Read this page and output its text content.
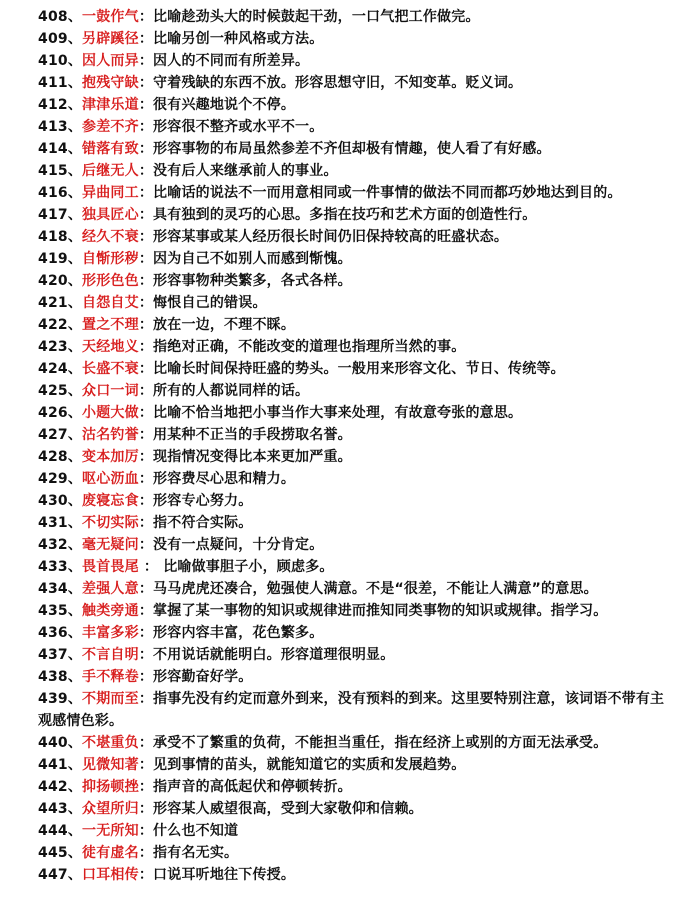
408、一鼓作气：比喻趁劲头大的时候鼓起干劲，一口气把工作做完。
409、另辟蹊径：比喻另创一种风格或方法。
410、因人而异：因人的不同而有所差异。
411、抱残守缺：守着残缺的东西不放。形容思想守旧，不知变革。贬义词。
412、津津乐道：很有兴趣地说个不停。
413、参差不齐：形容很不整齐或水平不一。
414、错落有致：形容事物的布局虽然参差不齐但却极有情趣，使人看了有好感。
415、后继无人：没有后人来继承前人的事业。
416、异曲同工：比喻话的说法不一而用意相同或一件事情的做法不同而都巧妙地达到目的。
417、独具匠心：具有独到的灵巧的心思。多指在技巧和艺术方面的创造性行。
418、经久不衰：形容某事或某人经历很长时间仍旧保持较高的旺盛状态。
419、自惭形秽：因为自己不如别人而感到惭愧。
420、形形色色：形容事物种类繁多，各式各样。
421、自怨自艾：悔恨自己的错误。
422、置之不理：放在一边，不理不睬。
423、天经地义：指绝对正确，不能改变的道理也指理所当然的事。
424、长盛不衰：比喻长时间保持旺盛的势头。一般用来形容文化、节日、传统等。
425、众口一词：所有的人都说同样的话。
426、小题大做：比喻不恰当地把小事当作大事来处理，有故意夸张的意思。
427、沽名钓誉：用某种不正当的手段捞取名誉。
428、变本加厉：现指情况变得比本来更加严重。
429、呕心沥血：形容费尽心思和精力。
430、废寝忘食：形容专心努力。
431、不切实际：指不符合实际。
432、毫无疑问：没有一点疑问，十分肯定。
433、畏首畏尾 ： 比喻做事胆子小，顾虑多。
434、差强人意：马马虎虎还凑合，勉强使人满意。不是“很差，不能让人满意”的意思。
435、触类旁通：掌握了某一事物的知识或规律进而推知同类事物的知识或规律。指学习。
436、丰富多彩：形容内容丰富，花色繁多。
437、不言自明：不用说话就能明白。形容道理很明显。
438、手不释卷：形容勤奋好学。
439、不期而至：指事先没有约定而意外到来，没有预料的到来。这里要特别注意，该词语不带有主观感情色彩。
440、不堪重负：承受不了繁重的负荷，不能担当重任，指在经济上或别的方面无法承受。
441、见微知著：见到事情的苗头，就能知道它的实质和发展趋势。
442、抑扬顿挫：指声音的高低起伏和停顿转折。
443、众望所归：形容某人威望很高，受到大家敬仰和信赖。
444、一无所知：什么也不知道
445、徒有虚名：指有名无实。
447、口耳相传：口说耳听地往下传授。
